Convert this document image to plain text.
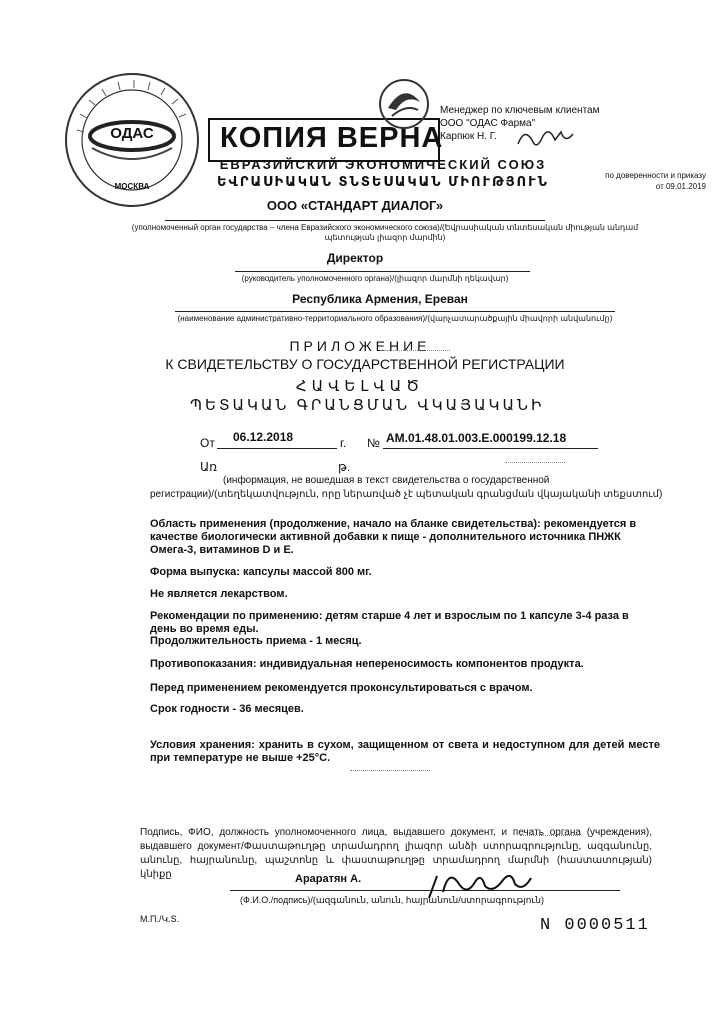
ОДАС
МОСКВА
КОПИЯ ВЕРНА
Менеджер по ключевым клиентам
ООО "ОДАС Фарма"
Карпюк Н. Г.
по доверенности и приказу
от 09.01.2019
ЕВРАЗИЙСКИЙ ЭКОНОМИЧЕСКИЙ СОЮЗ
ԵՎՐԱՍԻԱԿԱՆ ՏՆՏԵՍԱԿԱՆ ՄԻՈՒԹՅՈՒՆ
ООО «СТАНДАРТ ДИАЛОГ»
(уполномоченный орган государства – члена Евразийского экономического союза)/(Եվրասիական տնտեսական միության անդամ պետության լիազոր մարմին)
Директор
(руководитель уполномоченного органа)/(լիազոր մարմնի ղեկավար)
Республика Армения, Ереван
(наименование административно-территориального образования)/(վարչատարածքային միավորի անվանումը)
ПРИЛОЖЕНИЕ
К СВИДЕТЕЛЬСТВУ О ГОСУДАРСТВЕННОЙ РЕГИСТРАЦИИ
ՀԱՎԵԼՎԱԾ
ՊԵՏԱԿԱՆ ԳՐԱՆՑՄԱՆ ՎԿԱՅԱԿԱՆԻ
От 06.12.2018	г. № АМ.01.48.01.003.Е.000199.12.18
Առ	թ.
(информация, не вошедшая в текст свидетельства о государственной
регистрации)/(տեղեկատվություն, որը ներառված չէ պետական գրանցման վկայականի տեքստում)
Область применения (продолжение, начало на бланке свидетельства): рекомендуется в качестве биологически активной добавки к пище - дополнительного источника ПНЖК Омега-3, витаминов D и Е.
Форма выпуска: капсулы массой 800 мг.
Не является лекарством.
Рекомендации по применению: детям старше 4 лет и взрослым по 1 капсуле 3-4 раза в день во время еды.
Продолжительность приема - 1 месяц.
Противопоказания: индивидуальная непереносимость компонентов продукта.
Перед применением рекомендуется проконсультироваться с врачом.
Срок годности - 36 месяцев.
Условия хранения: хранить в сухом, защищенном от света и недоступном для детей месте при температуре не выше +25°С.
Подпись, ФИО, должность уполномоченного лица, выдавшего документ, и печать органа (учреждения), выдавшего документ/Փաստաթուղթը տրամադրող լիազոր անձի ստորագրությունը, ազգանունը, անունը, հայրանունը, պաշտոնը և փաստաթուղթը տրամադրող մարմնի (հաստատության) կնիքը	Араратян А.
(Ф.И.О./подпись)/(ազգանուն, անուն, հայրանուն/ստորագրություն)
М.П./Կ.Տ.	N 0000511
